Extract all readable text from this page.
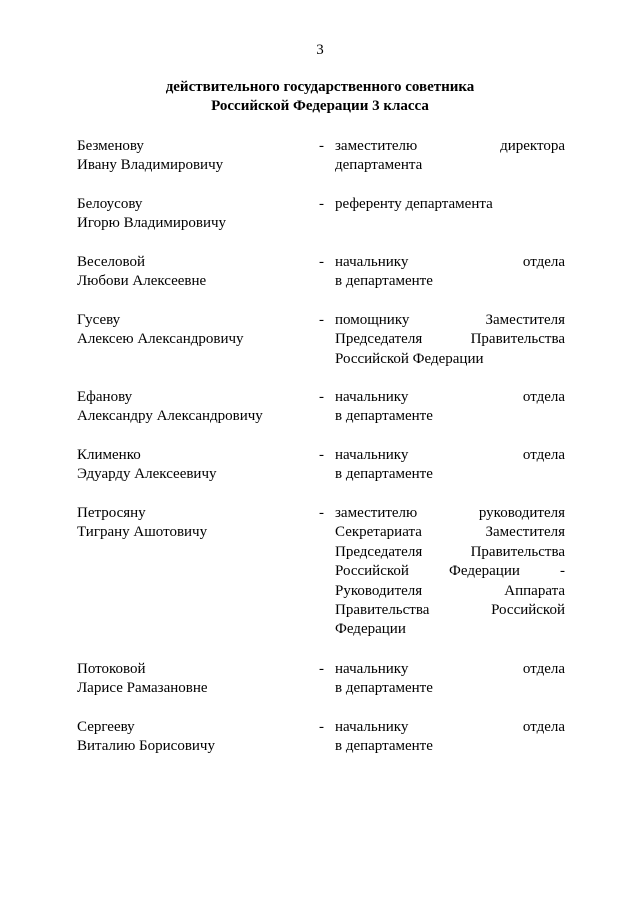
3
действительного государственного советника
Российской Федерации 3 класса
Безменову
Ивану Владимировичу
- заместителю директора
департамента
Белоусову
Игорю Владимировичу
- референту департамента
Веселовой
Любови Алексеевне
- начальнику отдела
в департаменте
Гусеву
Алексею Александровичу
- помощнику Заместителя
Председателя Правительства
Российской Федерации
Ефанову
Александру Александровичу
- начальнику отдела
в департаменте
Клименко
Эдуарду Алексеевичу
- начальнику отдела
в департаменте
Петросяну
Тиграну Ашотовичу
- заместителю руководителя
Секретариата Заместителя
Председателя Правительства
Российской Федерации -
Руководителя Аппарата
Правительства Российской
Федерации
Потоковой
Ларисе Рамазановне
- начальнику отдела
в департаменте
Сергееву
Виталию Борисовичу
- начальнику отдела
в департаменте
